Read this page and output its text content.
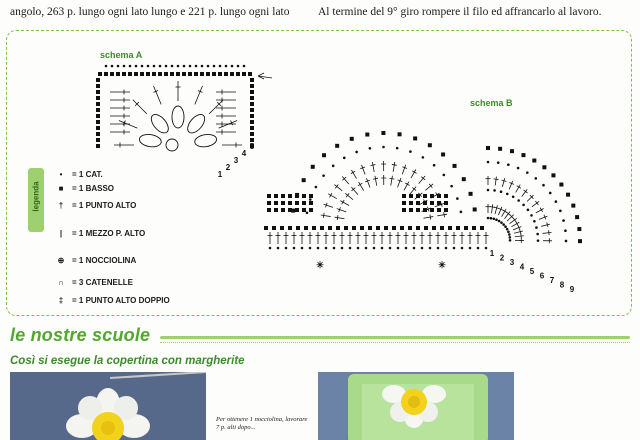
angolo, 263 p. lungo ogni lato lungo e 221 p. lungo ogni lato Al termine del 9° giro rompere il filo ed affrancarlo al lavoro.
5
4
3
2
1
✳	✳
1 2 3 4 5 6 7 8 9
schema A
schema B
legenda
• = 1 CAT.
■ = 1 BASSO
† = 1 PUNTO ALTO
| = 1 MEZZO P. ALTO
⊕ = 1 NOCCIOLINA
∩ = 3 CATENELLE
‡ = 1 PUNTO ALTO DOPPIO
le nostre scuole
Così si esegue la copertina con margherite
Per ottenere 1 nocciolina, lavorare 7 p. alti dopo...
